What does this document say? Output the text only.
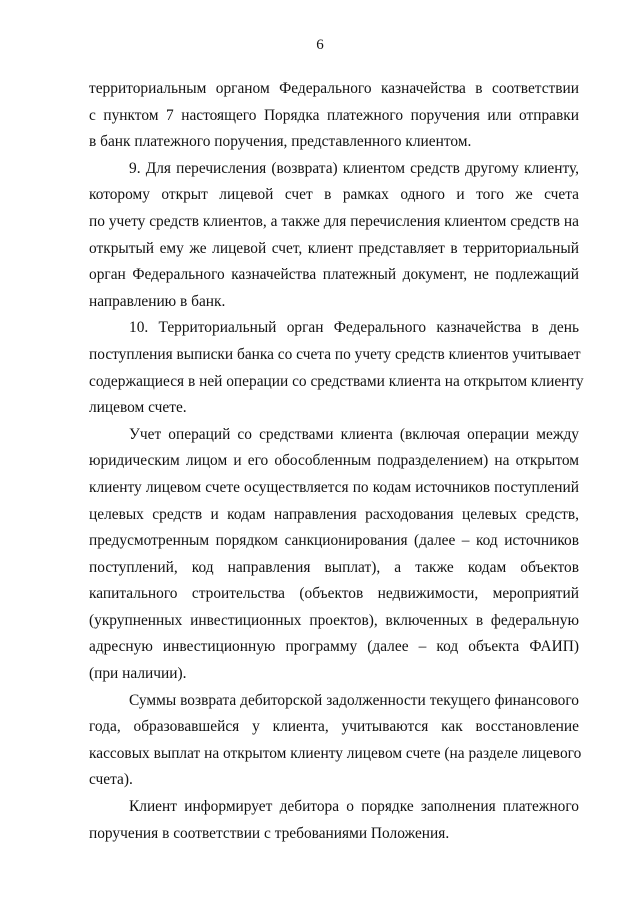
6
территориальным органом Федерального казначейства в соответствии
с пунктом 7 настоящего Порядка платежного поручения или отправки
в банк платежного поручения, представленного клиентом.
9. Для перечисления (возврата) клиентом средств другому клиенту,
которому открыт лицевой счет в рамках одного и того же счета
по учету средств клиентов, а также для перечисления клиентом средств на
открытый ему же лицевой счет, клиент представляет в территориальный
орган Федерального казначейства платежный документ, не подлежащий
направлению в банк.
10. Территориальный орган Федерального казначейства в день
поступления выписки банка со счета по учету средств клиентов учитывает
содержащиеся в ней операции со средствами клиента на открытом клиенту
лицевом счете.
Учет операций со средствами клиента (включая операции между
юридическим лицом и его обособленным подразделением) на открытом
клиенту лицевом счете осуществляется по кодам источников поступлений
целевых средств и кодам направления расходования целевых средств,
предусмотренным порядком санкционирования (далее – код источников
поступлений, код направления выплат), а также кодам объектов
капитального строительства (объектов недвижимости, мероприятий
(укрупненных инвестиционных проектов), включенных в федеральную
адресную инвестиционную программу (далее – код объекта ФАИП)
(при наличии).
Суммы возврата дебиторской задолженности текущего финансового
года, образовавшейся у клиента, учитываются как восстановление
кассовых выплат на открытом клиенту лицевом счете (на разделе лицевого
счета).
Клиент информирует дебитора о порядке заполнения платежного
поручения в соответствии с требованиями Положения.
